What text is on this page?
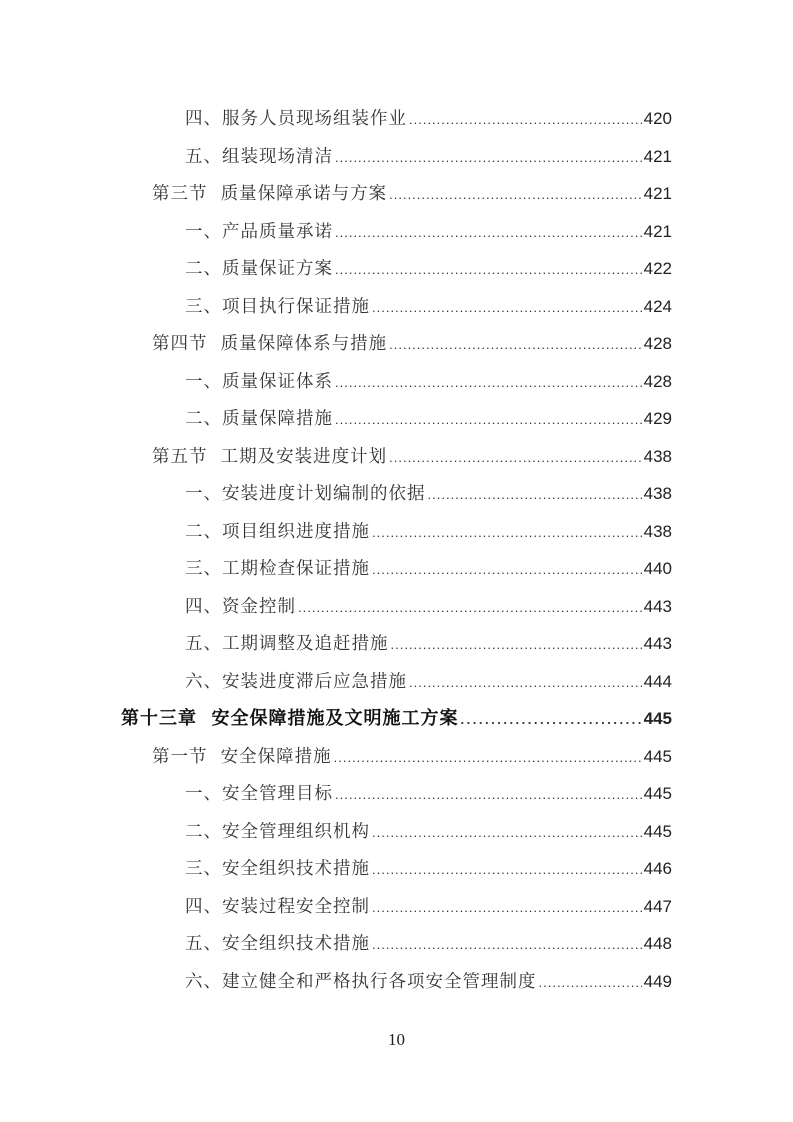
四、服务人员现场组装作业 .....	420
五、组装现场清洁 .....	421
第三节  质量保障承诺与方案 .....	421
一、产品质量承诺 .....	421
二、质量保证方案 .....	422
三、项目执行保证措施 .....	424
第四节  质量保障体系与措施 .....	428
一、质量保证体系 .....	428
二、质量保障措施 .....	429
第五节  工期及安装进度计划 .....	438
一、安装进度计划编制的依据 .....	438
二、项目组织进度措施 .....	438
三、工期检查保证措施 .....	440
四、资金控制 .....	443
五、工期调整及追赶措施 .....	443
六、安装进度滞后应急措施 .....	444
第十三章  安全保障措施及文明施工方案 .....	445
第一节  安全保障措施 .....	445
一、安全管理目标 .....	445
二、安全管理组织机构 .....	445
三、安全组织技术措施 .....	446
四、安装过程安全控制 .....	447
五、安全组织技术措施 .....	448
六、建立健全和严格执行各项安全管理制度 .....	449
10
